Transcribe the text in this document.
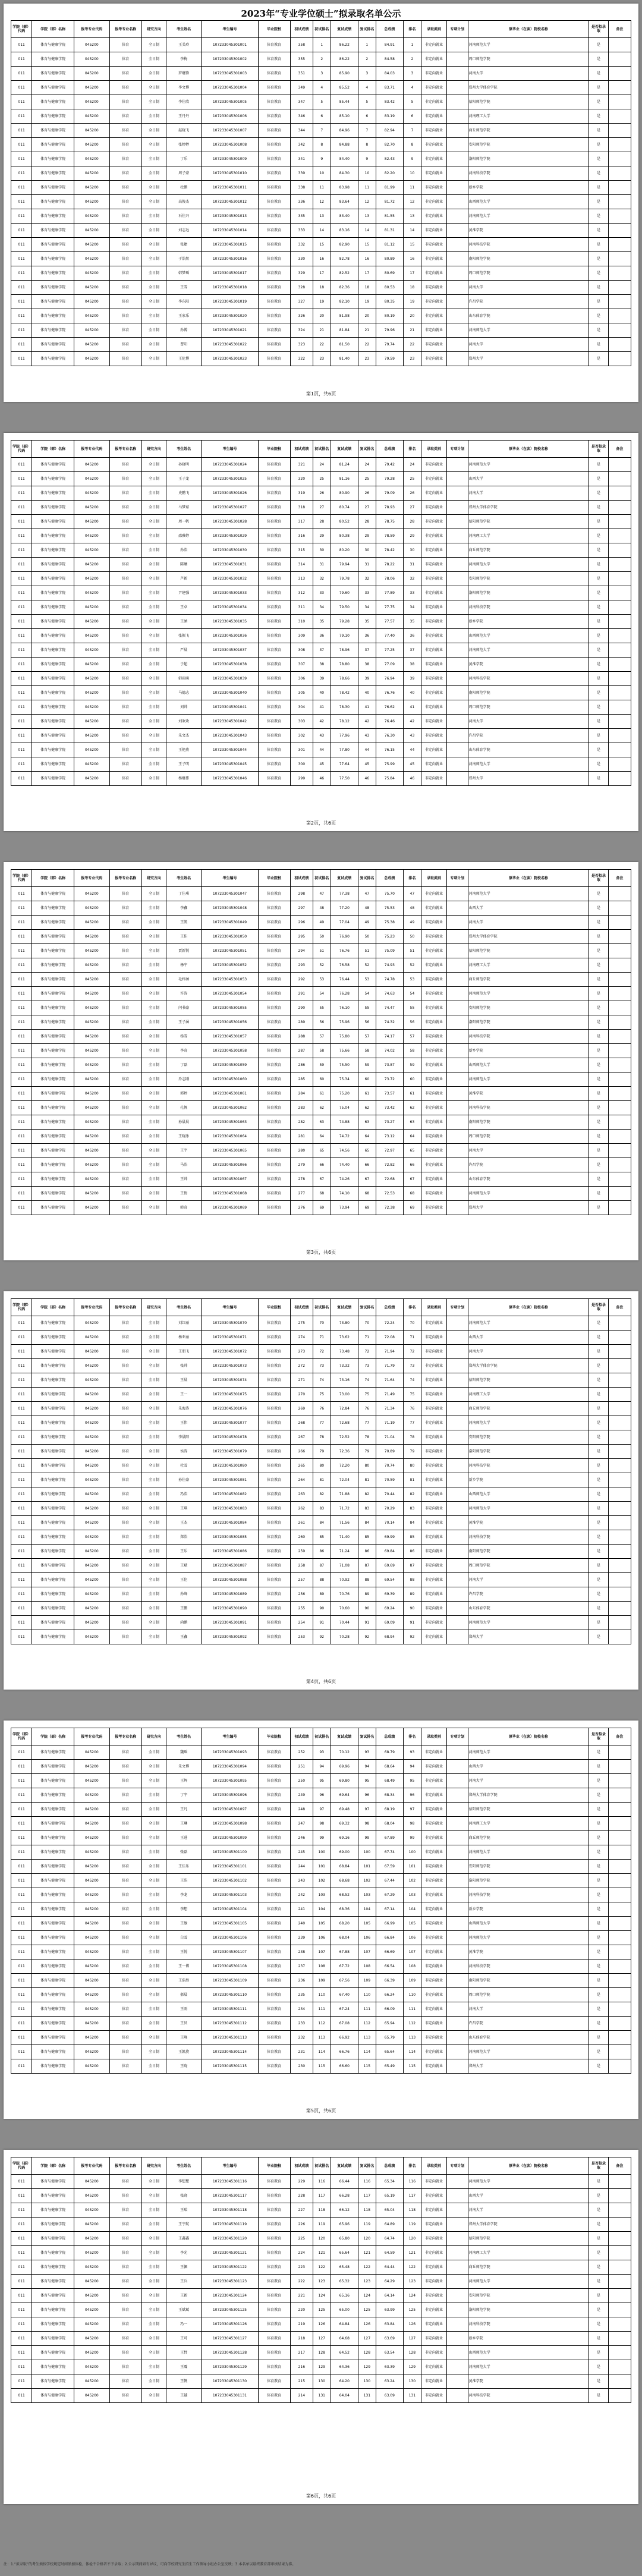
2023年“专业学位硕士”拟录取名单公示
学院（部）代码	学院（部）名称	报考专业代码	报考专业名称	研究方向	考生姓名	考生编号	毕业院校	初试成绩	初试排名	复试成绩	复试排名	总成绩	排名	录取类别	专项计划	原毕业（在读）院校名称	是否拟录取	备注
011	体育与健康学院	045200	体育	全日制	王美玲	107233045301001	体育教育	358	1	86.22	1	84.91	1	非定向就业		河南师范大学	是	
011	体育与健康学院	045200	体育	全日制	李梅	107233045301002	体育教育	355	2	86.22	2	84.58	2	非定向就业		周口师范学院	是	
011	体育与健康学院	045200	体育	全日制	罗继锋	107233045301003	体育教育	351	3	85.90	3	84.03	3	非定向就业		河南大学	是	
011	体育与健康学院	045200	体育	全日制	李文博	107233045301004	体育教育	349	4	85.52	4	83.71	4	非定向就业		郑州大学体育学院	是	
011	体育与健康学院	045200	体育	全日制	李佳欣	107233045301005	体育教育	347	5	85.44	5	83.42	5	非定向就业		信阳师范学院	是	
011	体育与健康学院	045200	体育	全日制	王丹丹	107233045301006	体育教育	346	6	85.10	6	83.19	6	非定向就业		河南理工大学	是	
011	体育与健康学院	045200	体育	全日制	赵晓飞	107233045301007	体育教育	344	7	84.96	7	82.94	7	非定向就业		商丘师范学院	是	
011	体育与健康学院	045200	体育	全日制	张婷婷	107233045301008	体育教育	342	8	84.88	8	82.70	8	非定向就业		安阳师范学院	是	
011	体育与健康学院	045200	体育	全日制	丁乐	107233045301009	体育教育	341	9	84.40	9	82.43	9	非定向就业		洛阳师范学院	是	
011	体育与健康学院	045200	体育	全日制	周子豪	107233045301010	体育教育	339	10	84.30	10	82.20	10	非定向就业		河南科技学院	是	
011	体育与健康学院	045200	体育	全日制	杜鹏	107233045301011	体育教育	338	11	83.98	11	81.99	11	非定向就业		新乡学院	是	
011	体育与健康学院	045200	体育	全日制	高俊杰	107233045301012	体育教育	336	12	83.64	12	81.72	12	非定向就业		山西师范大学	是	
011	体育与健康学院	045200	体育	全日制	石佳兴	107233045301013	体育教育	335	13	83.40	13	81.55	13	非定向就业		河南师范大学	是	
011	体育与健康学院	045200	体育	全日制	刘志远	107233045301014	体育教育	333	14	83.16	14	81.31	14	非定向就业		黄淮学院	是	
011	体育与健康学院	045200	体育	全日制	张婕	107233045301015	体育教育	332	15	82.90	15	81.12	15	非定向就业		河南科技学院	是	
011	体育与健康学院	045200	体育	全日制	于浩然	107233045301016	体育教育	330	16	82.78	16	80.89	16	非定向就业		南阳师范学院	是	
011	体育与健康学院	045200	体育	全日制	韩梦瑶	107233045301017	体育教育	329	17	82.52	17	80.69	17	非定向就业		周口师范学院	是	
011	体育与健康学院	045200	体育	全日制	王雪	107233045301018	体育教育	328	18	82.36	18	80.53	18	非定向就业		河南大学	是	
011	体育与健康学院	045200	体育	全日制	李东阳	107233045301019	体育教育	327	19	82.10	19	80.35	19	非定向就业		许昌学院	是	
011	体育与健康学院	045200	体育	全日制	王家乐	107233045301020	体育教育	326	20	81.98	20	80.19	20	非定向就业		山东体育学院	是	
011	体育与健康学院	045200	体育	全日制	孙博	107233045301021	体育教育	324	21	81.84	21	79.96	21	非定向就业		河南师范大学	是	
011	体育与健康学院	045200	体育	全日制	曹阳	107233045301022	体育教育	323	22	81.50	22	79.74	22	非定向就业		河南大学	是	
011	体育与健康学院	045200	体育	全日制	王伦博	107233045301023	体育教育	322	23	81.40	23	79.59	23	非定向就业		郑州大学	是	
第1页，共6页
学院（部）代码	学院（部）名称	报考专业代码	报考专业名称	研究方向	考生姓名	考生编号	毕业院校	初试成绩	初试排名	复试成绩	复试排名	总成绩	排名	录取类别	专项计划	原毕业（在读）院校名称	是否拟录取	备注
011	体育与健康学院	045200	体育	全日制	孙晓明	107233045301024	体育教育	321	24	81.24	24	79.42	24	非定向就业		河南师范大学	是	
011	体育与健康学院	045200	体育	全日制	王子龙	107233045301025	体育教育	320	25	81.16	25	79.28	25	非定向就业		山西大学	是	
011	体育与健康学院	045200	体育	全日制	史鹏飞	107233045301026	体育教育	319	26	80.90	26	79.09	26	非定向就业		河南大学	是	
011	体育与健康学院	045200	体育	全日制	马梦茹	107233045301027	体育教育	318	27	80.74	27	78.93	27	非定向就业		郑州大学体育学院	是	
011	体育与健康学院	045200	体育	全日制	周一帆	107233045301028	体育教育	317	28	80.52	28	78.75	28	非定向就业		信阳师范学院	是	
011	体育与健康学院	045200	体育	全日制	邵雅婷	107233045301029	体育教育	316	29	80.38	29	78.59	29	非定向就业		河南理工大学	是	
011	体育与健康学院	045200	体育	全日制	孙浩	107233045301030	体育教育	315	30	80.20	30	78.42	30	非定向就业		商丘师范学院	是	
011	体育与健康学院	045200	体育	全日制	陈曦	107233045301031	体育教育	314	31	79.94	31	78.22	31	非定向就业		河南师范大学	是	
011	体育与健康学院	045200	体育	全日制	芦新	107233045301032	体育教育	313	32	79.78	32	78.06	32	非定向就业		安阳师范学院	是	
011	体育与健康学院	045200	体育	全日制	尹建强	107233045301033	体育教育	312	33	79.60	33	77.89	33	非定向就业		洛阳师范学院	是	
011	体育与健康学院	045200	体育	全日制	王卓	107233045301034	体育教育	311	34	79.50	34	77.75	34	非定向就业		河南科技学院	是	
011	体育与健康学院	045200	体育	全日制	王涵	107233045301035	体育教育	310	35	79.28	35	77.57	35	非定向就业		新乡学院	是	
011	体育与健康学院	045200	体育	全日制	张振飞	107233045301036	体育教育	309	36	79.10	36	77.40	36	非定向就业		山西师范大学	是	
011	体育与健康学院	045200	体育	全日制	严晨	107233045301037	体育教育	308	37	78.96	37	77.25	37	非定向就业		河南师范大学	是	
011	体育与健康学院	045200	体育	全日制	于超	107233045301038	体育教育	307	38	78.80	38	77.09	38	非定向就业		黄淮学院	是	
011	体育与健康学院	045200	体育	全日制	韩雨萌	107233045301039	体育教育	306	39	78.66	39	76.94	39	非定向就业		河南科技学院	是	
011	体育与健康学院	045200	体育	全日制	马德志	107233045301040	体育教育	305	40	78.42	40	76.76	40	非定向就业		南阳师范学院	是	
011	体育与健康学院	045200	体育	全日制	刘帅	107233045301041	体育教育	304	41	78.30	41	76.62	41	非定向就业		周口师范学院	是	
011	体育与健康学院	045200	体育	全日制	刘欢欢	107233045301042	体育教育	303	42	78.12	42	76.46	42	非定向就业		河南大学	是	
011	体育与健康学院	045200	体育	全日制	朱文杰	107233045301043	体育教育	302	43	77.96	43	76.30	43	非定向就业		许昌学院	是	
011	体育与健康学院	045200	体育	全日制	王艳燕	107233045301044	体育教育	301	44	77.80	44	76.15	44	非定向就业		山东体育学院	是	
011	体育与健康学院	045200	体育	全日制	王子明	107233045301045	体育教育	300	45	77.64	45	75.99	45	非定向就业		河南师范大学	是	
011	体育与健康学院	045200	体育	全日制	杨继伟	107233045301046	体育教育	299	46	77.50	46	75.84	46	非定向就业		郑州大学	是	
第2页，共6页
学院（部）代码	学院（部）名称	报考专业代码	报考专业名称	研究方向	考生姓名	考生编号	毕业院校	初试成绩	初试排名	复试成绩	复试排名	总成绩	排名	录取类别	专项计划	原毕业（在读）院校名称	是否拟录取	备注
011	体育与健康学院	045200	体育	全日制	丁佳琪	107233045301047	体育教育	298	47	77.38	47	75.70	47	非定向就业		河南师范大学	是	
011	体育与健康学院	045200	体育	全日制	李鑫	107233045301048	体育教育	297	48	77.20	48	75.53	48	非定向就业		山西大学	是	
011	体育与健康学院	045200	体育	全日制	王凯	107233045301049	体育教育	296	49	77.04	49	75.38	49	非定向就业		河南大学	是	
011	体育与健康学院	045200	体育	全日制	王佳	107233045301050	体育教育	295	50	76.90	50	75.23	50	非定向就业		郑州大学体育学院	是	
011	体育与健康学院	045200	体育	全日制	贾新悦	107233045301051	体育教育	294	51	76.76	51	75.09	51	非定向就业		信阳师范学院	是	
011	体育与健康学院	045200	体育	全日制	杨宁	107233045301052	体育教育	293	52	76.58	52	74.93	52	非定向就业		河南理工大学	是	
011	体育与健康学院	045200	体育	全日制	毛梓涵	107233045301053	体育教育	292	53	76.44	53	74.78	53	非定向就业		商丘师范学院	是	
011	体育与健康学院	045200	体育	全日制	许涛	107233045301054	体育教育	291	54	76.28	54	74.63	54	非定向就业		河南师范大学	是	
011	体育与健康学院	045200	体育	全日制	闫书豪	107233045301055	体育教育	290	55	76.10	55	74.47	55	非定向就业		安阳师范学院	是	
011	体育与健康学院	045200	体育	全日制	王子涵	107233045301056	体育教育	289	56	75.96	56	74.32	56	非定向就业		洛阳师范学院	是	
011	体育与健康学院	045200	体育	全日制	杨雪	107233045301057	体育教育	288	57	75.80	57	74.17	57	非定向就业		河南科技学院	是	
011	体育与健康学院	045200	体育	全日制	李奇	107233045301058	体育教育	287	58	75.66	58	74.02	58	非定向就业		新乡学院	是	
011	体育与健康学院	045200	体育	全日制	丁磊	107233045301059	体育教育	286	59	75.50	59	73.87	59	非定向就业		山西师范大学	是	
011	体育与健康学院	045200	体育	全日制	乔志刚	107233045301060	体育教育	285	60	75.34	60	73.72	60	非定向就业		河南师范大学	是	
011	体育与健康学院	045200	体育	全日制	郭婷	107233045301061	体育教育	284	61	75.20	61	73.57	61	非定向就业		黄淮学院	是	
011	体育与健康学院	045200	体育	全日制	孔帆	107233045301062	体育教育	283	62	75.04	62	73.42	62	非定向就业		河南科技学院	是	
011	体育与健康学院	045200	体育	全日制	孙晨晨	107233045301063	体育教育	282	63	74.88	63	73.27	63	非定向就业		南阳师范学院	是	
011	体育与健康学院	045200	体育	全日制	王晓冰	107233045301064	体育教育	281	64	74.72	64	73.12	64	非定向就业		周口师范学院	是	
011	体育与健康学院	045200	体育	全日制	王宇	107233045301065	体育教育	280	65	74.56	65	72.97	65	非定向就业		河南大学	是	
011	体育与健康学院	045200	体育	全日制	马浩	107233045301066	体育教育	279	66	74.40	66	72.82	66	非定向就业		许昌学院	是	
011	体育与健康学院	045200	体育	全日制	王帅	107233045301067	体育教育	278	67	74.26	67	72.68	67	非定向就业		山东体育学院	是	
011	体育与健康学院	045200	体育	全日制	王倩	107233045301068	体育教育	277	68	74.10	68	72.53	68	非定向就业		河南师范大学	是	
011	体育与健康学院	045200	体育	全日制	韩奇	107233045301069	体育教育	276	69	73.94	69	72.38	69	非定向就业		郑州大学	是	
第3页，共6页
学院（部）代码	学院（部）名称	报考专业代码	报考专业名称	研究方向	考生姓名	考生编号	毕业院校	初试成绩	初试排名	复试成绩	复试排名	总成绩	排名	录取类别	专项计划	原毕业（在读）院校名称	是否拟录取	备注
011	体育与健康学院	045200	体育	全日制	刘红丽	107233045301070	体育教育	275	70	73.80	70	72.24	70	非定向就业		河南师范大学	是	
011	体育与健康学院	045200	体育	全日制	杨亚丽	107233045301071	体育教育	274	71	73.62	71	72.08	71	非定向就业		山西大学	是	
011	体育与健康学院	045200	体育	全日制	王朋飞	107233045301072	体育教育	273	72	73.48	72	71.94	72	非定向就业		河南大学	是	
011	体育与健康学院	045200	体育	全日制	张帅	107233045301073	体育教育	272	73	73.32	73	71.79	73	非定向就业		郑州大学体育学院	是	
011	体育与健康学院	045200	体育	全日制	王晨	107233045301074	体育教育	271	74	73.16	74	71.64	74	非定向就业		信阳师范学院	是	
011	体育与健康学院	045200	体育	全日制	王一	107233045301075	体育教育	270	75	73.00	75	71.49	75	非定向就业		河南理工大学	是	
011	体育与健康学院	045200	体育	全日制	朱海涛	107233045301076	体育教育	269	76	72.84	76	71.34	76	非定向就业		商丘师范学院	是	
011	体育与健康学院	045200	体育	全日制	王伟	107233045301077	体育教育	268	77	72.68	77	71.19	77	非定向就业		河南师范大学	是	
011	体育与健康学院	045200	体育	全日制	李晨阳	107233045301078	体育教育	267	78	72.52	78	71.04	78	非定向就业		安阳师范学院	是	
011	体育与健康学院	045200	体育	全日制	侯涛	107233045301079	体育教育	266	79	72.36	79	70.89	79	非定向就业		洛阳师范学院	是	
011	体育与健康学院	045200	体育	全日制	杜雪	107233045301080	体育教育	265	80	72.20	80	70.74	80	非定向就业		河南科技学院	是	
011	体育与健康学院	045200	体育	全日制	孙佳豪	107233045301081	体育教育	264	81	72.04	81	70.59	81	非定向就业		新乡学院	是	
011	体育与健康学院	045200	体育	全日制	冯浩	107233045301082	体育教育	263	82	71.88	82	70.44	82	非定向就业		山西师范大学	是	
011	体育与健康学院	045200	体育	全日制	王琪	107233045301083	体育教育	262	83	71.72	83	70.29	83	非定向就业		河南师范大学	是	
011	体育与健康学院	045200	体育	全日制	王杰	107233045301084	体育教育	261	84	71.56	84	70.14	84	非定向就业		黄淮学院	是	
011	体育与健康学院	045200	体育	全日制	郑浩	107233045301085	体育教育	260	85	71.40	85	69.99	85	非定向就业		河南科技学院	是	
011	体育与健康学院	045200	体育	全日制	王乐	107233045301086	体育教育	259	86	71.24	86	69.84	86	非定向就业		南阳师范学院	是	
011	体育与健康学院	045200	体育	全日制	王斌	107233045301087	体育教育	258	87	71.08	87	69.69	87	非定向就业		周口师范学院	是	
011	体育与健康学院	045200	体育	全日制	王伦	107233045301088	体育教育	257	88	70.92	88	69.54	88	非定向就业		河南大学	是	
011	体育与健康学院	045200	体育	全日制	孙峰	107233045301089	体育教育	256	89	70.76	89	69.39	89	非定向就业		许昌学院	是	
011	体育与健康学院	045200	体育	全日制	王鹏	107233045301090	体育教育	255	90	70.60	90	69.24	90	非定向就业		山东体育学院	是	
011	体育与健康学院	045200	体育	全日制	尚鹏	107233045301091	体育教育	254	91	70.44	91	69.09	91	非定向就业		河南师范大学	是	
011	体育与健康学院	045200	体育	全日制	王鑫	107233045301092	体育教育	253	92	70.28	92	68.94	92	非定向就业		郑州大学	是	
第4页，共6页
学院（部）代码	学院（部）名称	报考专业代码	报考专业名称	研究方向	考生姓名	考生编号	毕业院校	初试成绩	初试排名	复试成绩	复试排名	总成绩	排名	录取类别	专项计划	原毕业（在读）院校名称	是否拟录取	备注
011	体育与健康学院	045200	体育	全日制	魏瑶	107233045301093	体育教育	252	93	70.12	93	68.79	93	非定向就业		河南师范大学	是	
011	体育与健康学院	045200	体育	全日制	朱文博	107233045301094	体育教育	251	94	69.96	94	68.64	94	非定向就业		山西大学	是	
011	体育与健康学院	045200	体育	全日制	王辉	107233045301095	体育教育	250	95	69.80	95	68.49	95	非定向就业		河南大学	是	
011	体育与健康学院	045200	体育	全日制	丁宇	107233045301096	体育教育	249	96	69.64	96	68.34	96	非定向就业		郑州大学体育学院	是	
011	体育与健康学院	045200	体育	全日制	王凡	107233045301097	体育教育	248	97	69.48	97	68.19	97	非定向就业		信阳师范学院	是	
011	体育与健康学院	045200	体育	全日制	王琳	107233045301098	体育教育	247	98	69.32	98	68.04	98	非定向就业		河南理工大学	是	
011	体育与健康学院	045200	体育	全日制	王进	107233045301099	体育教育	246	99	69.16	99	67.89	99	非定向就业		商丘师范学院	是	
011	体育与健康学院	045200	体育	全日制	张磊	107233045301100	体育教育	245	100	69.00	100	67.74	100	非定向就业		河南师范大学	是	
011	体育与健康学院	045200	体育	全日制	王佳乐	107233045301101	体育教育	244	101	68.84	101	67.59	101	非定向就业		安阳师范学院	是	
011	体育与健康学院	045200	体育	全日制	王浩	107233045301102	体育教育	243	102	68.68	102	67.44	102	非定向就业		洛阳师范学院	是	
011	体育与健康学院	045200	体育	全日制	李龙	107233045301103	体育教育	242	103	68.52	103	67.29	103	非定向就业		河南科技学院	是	
011	体育与健康学院	045200	体育	全日制	李想	107233045301104	体育教育	241	104	68.36	104	67.14	104	非定向就业		新乡学院	是	
011	体育与健康学院	045200	体育	全日制	王敏	107233045301105	体育教育	240	105	68.20	105	66.99	105	非定向就业		山西师范大学	是	
011	体育与健康学院	045200	体育	全日制	白雪	107233045301106	体育教育	239	106	68.04	106	66.84	106	非定向就业		河南师范大学	是	
011	体育与健康学院	045200	体育	全日制	王悦	107233045301107	体育教育	238	107	67.88	107	66.69	107	非定向就业		黄淮学院	是	
011	体育与健康学院	045200	体育	全日制	王一博	107233045301108	体育教育	237	108	67.72	108	66.54	108	非定向就业		河南科技学院	是	
011	体育与健康学院	045200	体育	全日制	王浩然	107233045301109	体育教育	236	109	67.56	109	66.39	109	非定向就业		南阳师范学院	是	
011	体育与健康学院	045200	体育	全日制	郝晨	107233045301110	体育教育	235	110	67.40	110	66.24	110	非定向就业		周口师范学院	是	
011	体育与健康学院	045200	体育	全日制	王雨	107233045301111	体育教育	234	111	67.24	111	66.09	111	非定向就业		河南大学	是	
011	体育与健康学院	045200	体育	全日制	王贝	107233045301112	体育教育	233	112	67.08	112	65.94	112	非定向就业		许昌学院	是	
011	体育与健康学院	045200	体育	全日制	王峰	107233045301113	体育教育	232	113	66.92	113	65.79	113	非定向就业		山东体育学院	是	
011	体育与健康学院	045200	体育	全日制	王凯旋	107233045301114	体育教育	231	114	66.76	114	65.64	114	非定向就业		河南师范大学	是	
011	体育与健康学院	045200	体育	全日制	王晓	107233045301115	体育教育	230	115	66.60	115	65.49	115	非定向就业		郑州大学	是	
第5页，共6页
学院（部）代码	学院（部）名称	报考专业代码	报考专业名称	研究方向	考生姓名	考生编号	毕业院校	初试成绩	初试排名	复试成绩	复试排名	总成绩	排名	录取类别	专项计划	原毕业（在读）院校名称	是否拟录取	备注
011	体育与健康学院	045200	体育	全日制	李想想	107233045301116	体育教育	229	116	66.44	116	65.34	116	非定向就业		河南师范大学	是	
011	体育与健康学院	045200	体育	全日制	张晓	107233045301117	体育教育	228	117	66.28	117	65.19	117	非定向就业		山西大学	是	
011	体育与健康学院	045200	体育	全日制	王瑞	107233045301118	体育教育	227	118	66.12	118	65.04	118	非定向就业		河南大学	是	
011	体育与健康学院	045200	体育	全日制	王宇航	107233045301119	体育教育	226	119	65.96	119	64.89	119	非定向就业		郑州大学体育学院	是	
011	体育与健康学院	045200	体育	全日制	王鑫鑫	107233045301120	体育教育	225	120	65.80	120	64.74	120	非定向就业		信阳师范学院	是	
011	体育与健康学院	045200	体育	全日制	李光	107233045301121	体育教育	224	121	65.64	121	64.59	121	非定向就业		河南理工大学	是	
011	体育与健康学院	045200	体育	全日制	王佩	107233045301122	体育教育	223	122	65.48	122	64.44	122	非定向就业		商丘师范学院	是	
011	体育与健康学院	045200	体育	全日制	王兵	107233045301123	体育教育	222	123	65.32	123	64.29	123	非定向就业		河南师范大学	是	
011	体育与健康学院	045200	体育	全日制	王新	107233045301124	体育教育	221	124	65.16	124	64.14	124	非定向就业		安阳师范学院	是	
011	体育与健康学院	045200	体育	全日制	王斌斌	107233045301125	体育教育	220	125	65.00	125	63.99	125	非定向就业		洛阳师范学院	是	
011	体育与健康学院	045200	体育	全日制	冯一	107233045301126	体育教育	219	126	64.84	126	63.84	126	非定向就业		河南科技学院	是	
011	体育与健康学院	045200	体育	全日制	王可	107233045301127	体育教育	218	127	64.68	127	63.69	127	非定向就业		新乡学院	是	
011	体育与健康学院	045200	体育	全日制	王哲	107233045301128	体育教育	217	128	64.52	128	63.54	128	非定向就业		山西师范大学	是	
011	体育与健康学院	045200	体育	全日制	王震	107233045301129	体育教育	216	129	64.36	129	63.39	129	非定向就业		河南师范大学	是	
011	体育与健康学院	045200	体育	全日制	王帆	107233045301130	体育教育	215	130	64.20	130	63.24	130	非定向就业		黄淮学院	是	
011	体育与健康学院	045200	体育	全日制	王越	107233045301131	体育教育	214	131	64.04	131	63.09	131	非定向就业		河南科技学院	是	
第6页，共6页
注：1.“拟录取”的考生须按学校规定时间参加体检，体检不合格者不予录取；2.公示期间如有异议，可向学校研究生招生工作领导小组办公室反映；3.本名单以最终教育部审核结果为准。
